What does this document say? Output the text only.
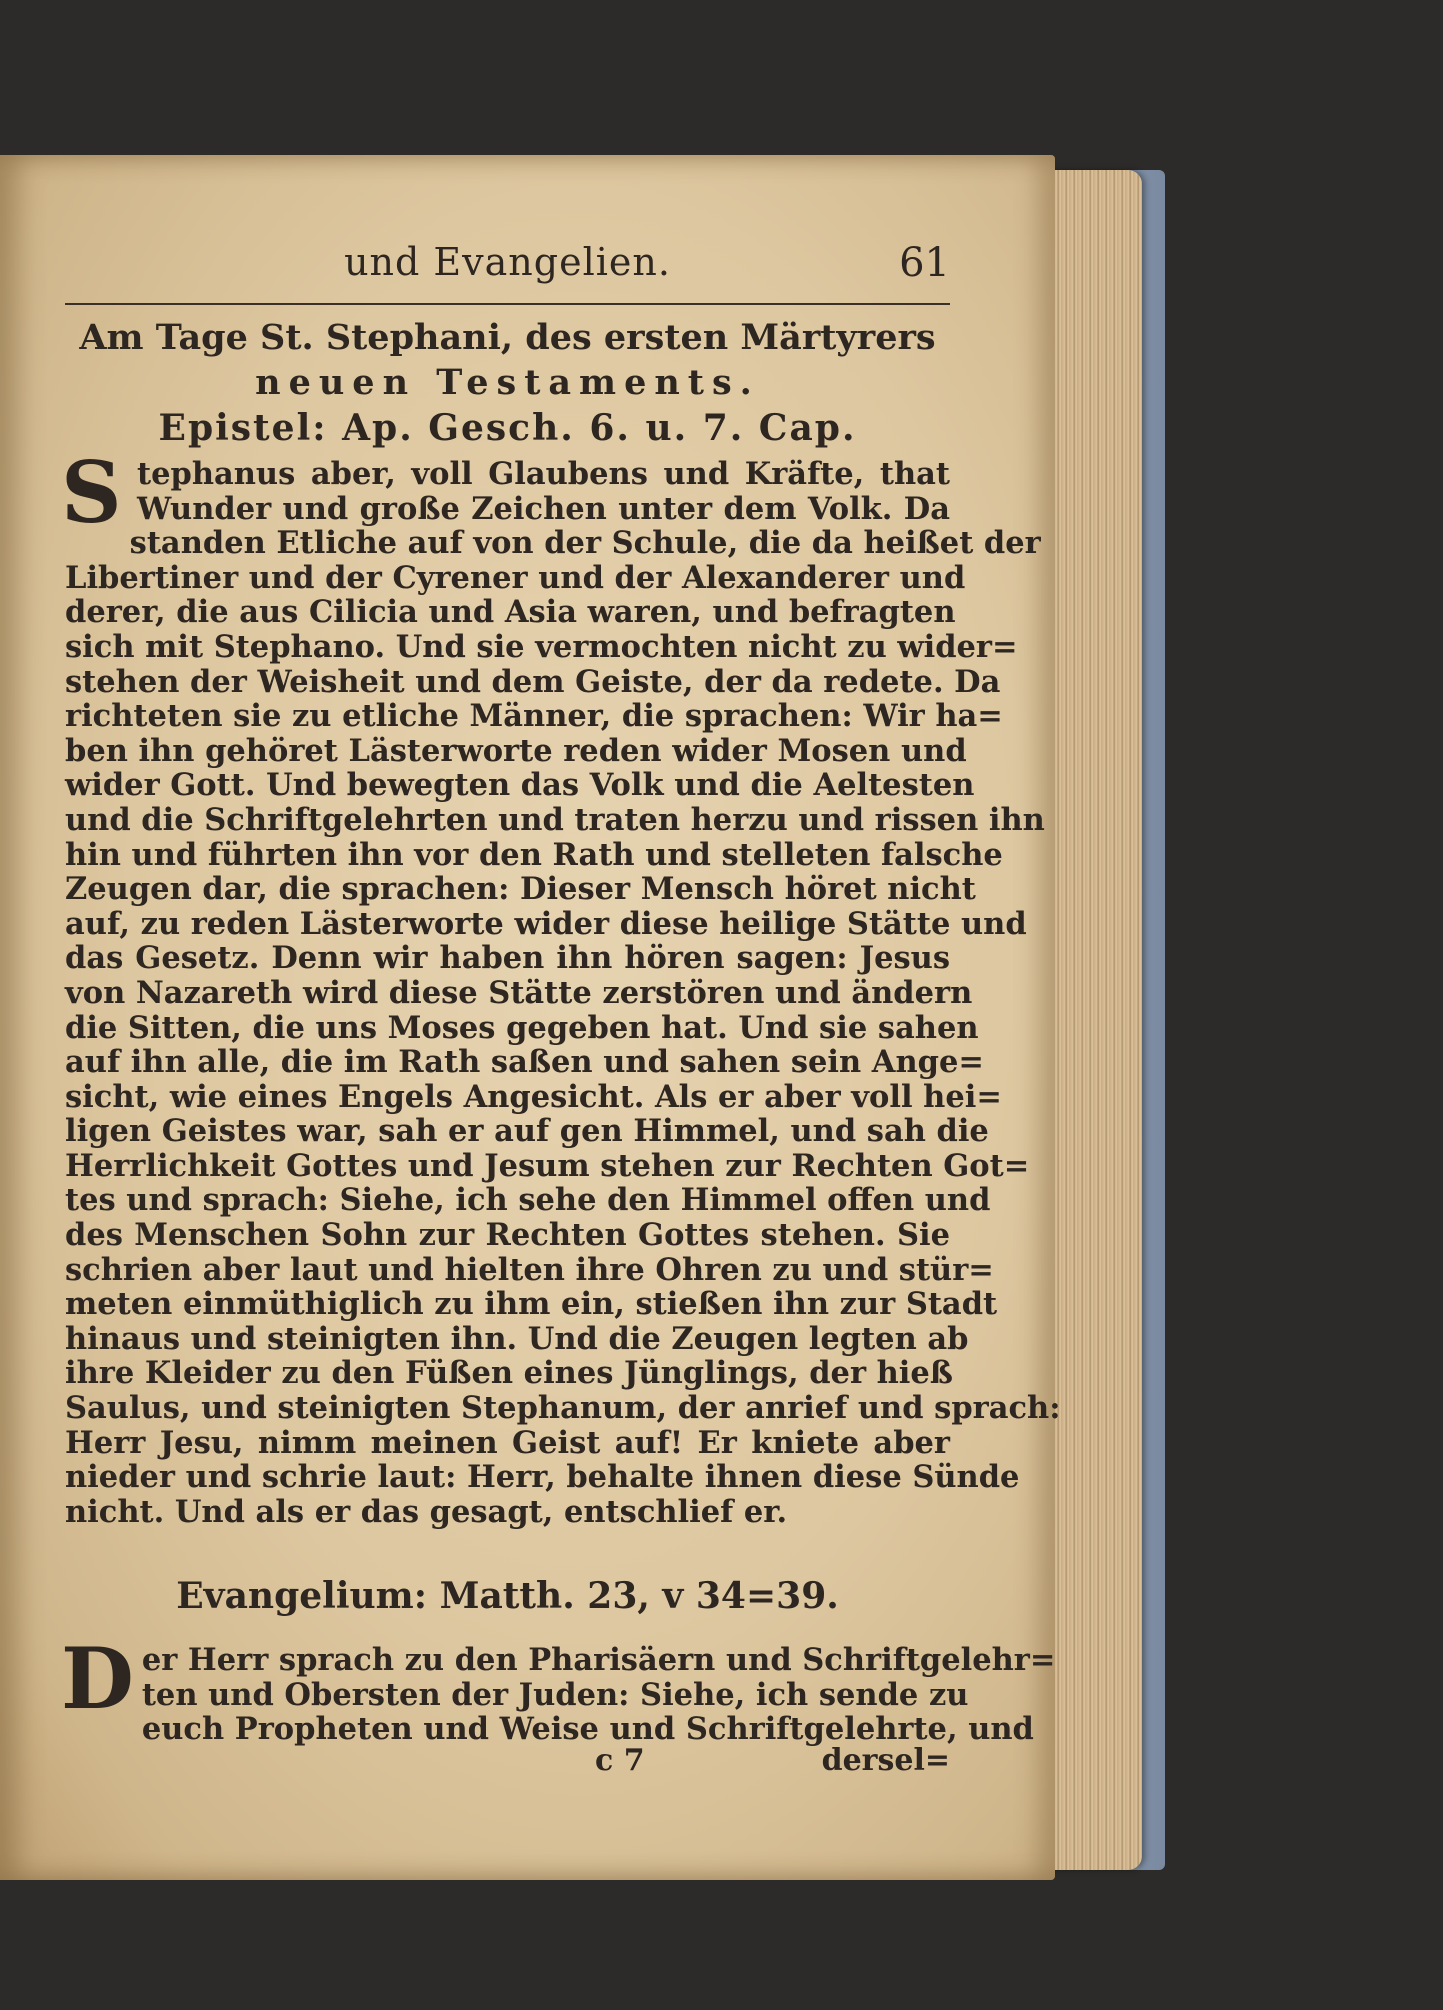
und Evangelien.	61
Am Tage St. Stephani, des ersten Märtyrers
neuen Testaments.
Epistel: Ap. Gesch. 6. u. 7. Cap.
S tephanus aber, voll Glaubens und Kräfte, that
Wunder und große Zeichen unter dem Volk. Da
standen Etliche auf von der Schule, die da heißet der
Libertiner und der Cyrener und der Alexanderer und
derer, die aus Cilicia und Asia waren, und befragten
sich mit Stephano. Und sie vermochten nicht zu wider=
stehen der Weisheit und dem Geiste, der da redete. Da
richteten sie zu etliche Männer, die sprachen: Wir ha=
ben ihn gehöret Lästerworte reden wider Mosen und
wider Gott. Und bewegten das Volk und die Aeltesten
und die Schriftgelehrten und traten herzu und rissen ihn
hin und führten ihn vor den Rath und stelleten falsche
Zeugen dar, die sprachen: Dieser Mensch höret nicht
auf, zu reden Lästerworte wider diese heilige Stätte und
das Gesetz. Denn wir haben ihn hören sagen: Jesus
von Nazareth wird diese Stätte zerstören und ändern
die Sitten, die uns Moses gegeben hat. Und sie sahen
auf ihn alle, die im Rath saßen und sahen sein Ange=
sicht, wie eines Engels Angesicht. Als er aber voll hei=
ligen Geistes war, sah er auf gen Himmel, und sah die
Herrlichkeit Gottes und Jesum stehen zur Rechten Got=
tes und sprach: Siehe, ich sehe den Himmel offen und
des Menschen Sohn zur Rechten Gottes stehen. Sie
schrien aber laut und hielten ihre Ohren zu und stür=
meten einmüthiglich zu ihm ein, stießen ihn zur Stadt
hinaus und steinigten ihn. Und die Zeugen legten ab
ihre Kleider zu den Füßen eines Jünglings, der hieß
Saulus, und steinigten Stephanum, der anrief und sprach:
Herr Jesu, nimm meinen Geist auf! Er kniete aber
nieder und schrie laut: Herr, behalte ihnen diese Sünde
nicht. Und als er das gesagt, entschlief er.
Evangelium: Matth. 23, v 34=39.
D er Herr sprach zu den Pharisäern und Schriftgelehr=
ten und Obersten der Juden: Siehe, ich sende zu
euch Propheten und Weise und Schriftgelehrte, und
c 7	dersel=
